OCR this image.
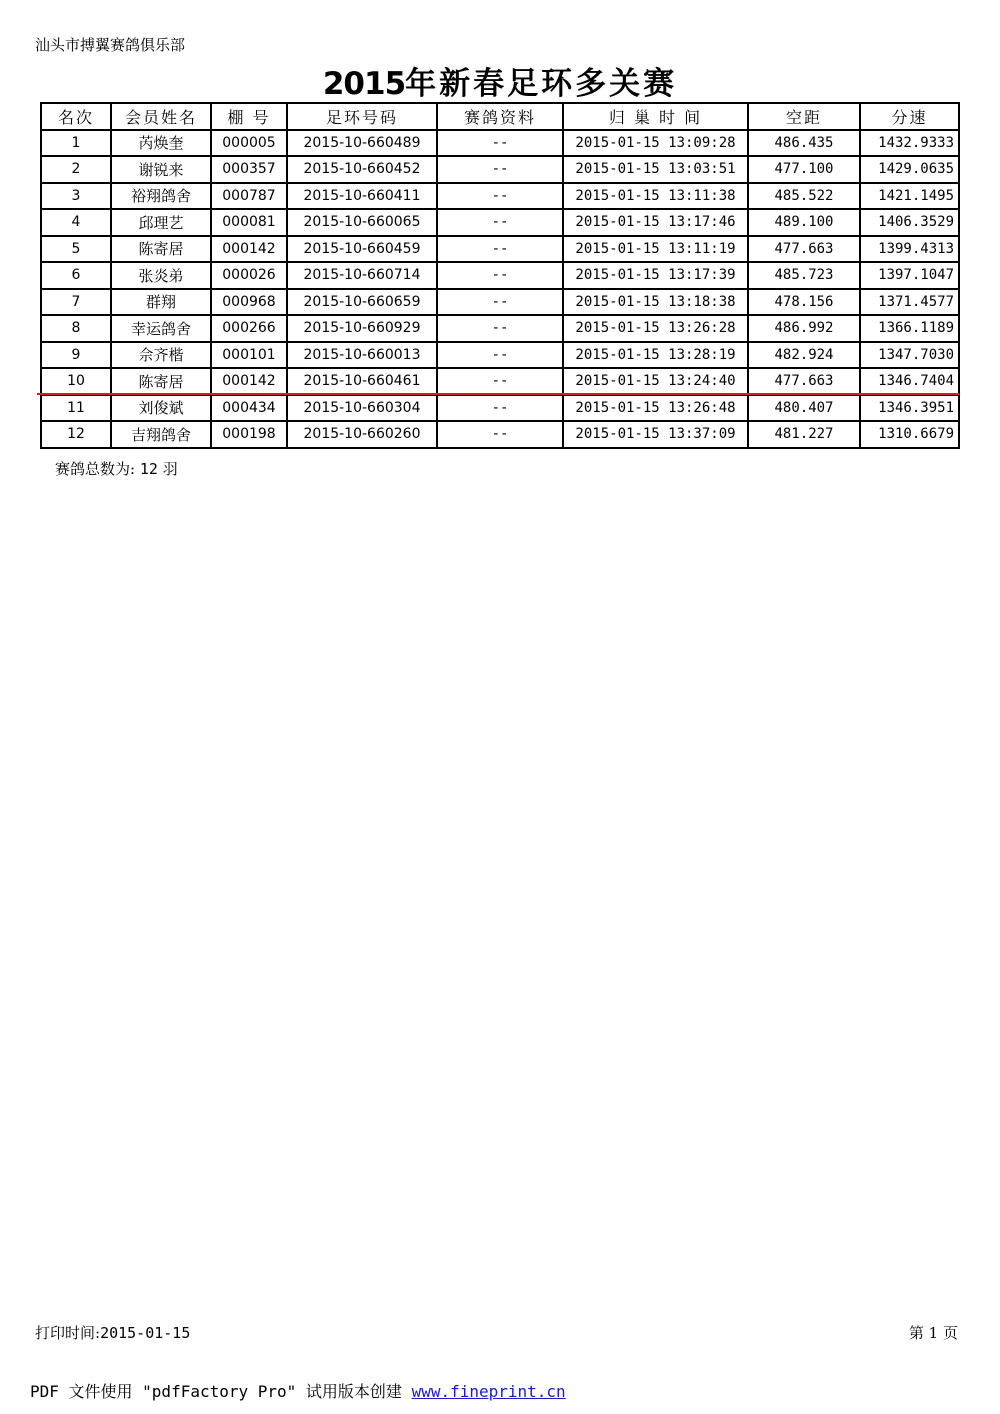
汕头市搏翼赛鸽俱乐部
2015年新春足环多关赛
名次	会员姓名	棚 号	足环号码	赛鸽资料	归 巢 时 间	空距	分速
1	芮焕奎	000005	2015-10-660489	--	2015-01-15 13:09:28	486.435	1432.9333
2	谢锐来	000357	2015-10-660452	--	2015-01-15 13:03:51	477.100	1429.0635
3	裕翔鸽舍	000787	2015-10-660411	--	2015-01-15 13:11:38	485.522	1421.1495
4	邱理艺	000081	2015-10-660065	--	2015-01-15 13:17:46	489.100	1406.3529
5	陈寄居	000142	2015-10-660459	--	2015-01-15 13:11:19	477.663	1399.4313
6	张炎弟	000026	2015-10-660714	--	2015-01-15 13:17:39	485.723	1397.1047
7	群翔	000968	2015-10-660659	--	2015-01-15 13:18:38	478.156	1371.4577
8	幸运鸽舍	000266	2015-10-660929	--	2015-01-15 13:26:28	486.992	1366.1189
9	佘齐楷	000101	2015-10-660013	--	2015-01-15 13:28:19	482.924	1347.7030
10	陈寄居	000142	2015-10-660461	--	2015-01-15 13:24:40	477.663	1346.7404
11	刘俊斌	000434	2015-10-660304	--	2015-01-15 13:26:48	480.407	1346.3951
12	吉翔鸽舍	000198	2015-10-660260	--	2015-01-15 13:37:09	481.227	1310.6679
赛鸽总数为: 12 羽
打印时间:2015-01-15	第 1 页
PDF 文件使用 "pdfFactory Pro" 试用版本创建 www.fineprint.cn
